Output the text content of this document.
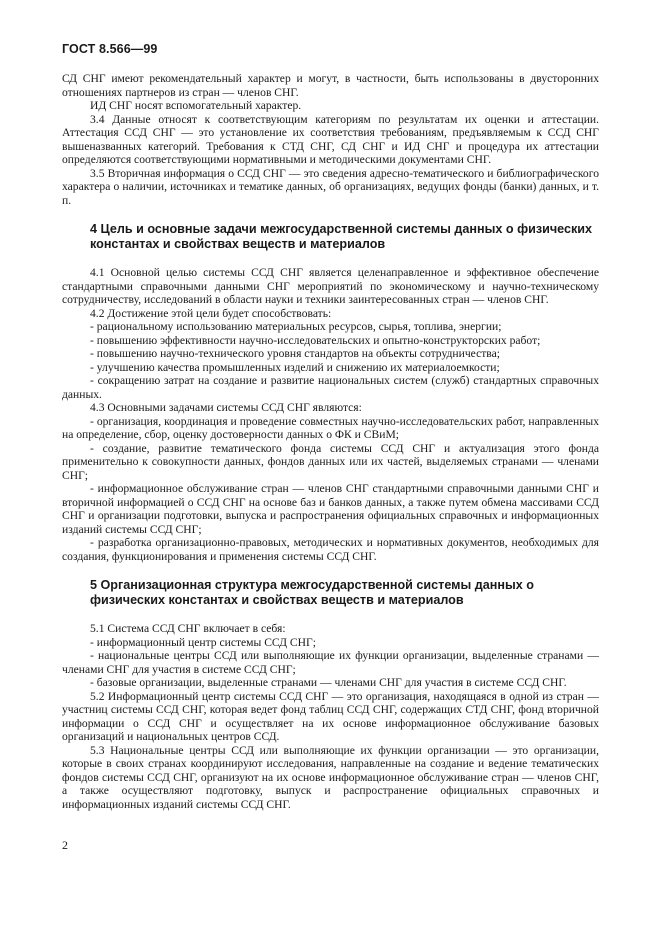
ГОСТ 8.566—99

СД СНГ имеют рекомендательный характер и могут, в частности, быть использованы в двусторонних отношениях партнеров из стран — членов СНГ.

ИД СНГ носят вспомогательный характер.

3.4 Данные относят к соответствующим категориям по результатам их оценки и аттестации. Аттестация ССД СНГ — это установление их соответствия требованиям, предъявляемым к ССД СНГ вышеназванных категорий. Требования к СТД СНГ, СД СНГ и ИД СНГ и процедура их аттестации определяются соответствующими нормативными и методическими документами СНГ.

3.5 Вторичная информация о ССД СНГ — это сведения адресно-тематического и библиографического характера о наличии, источниках и тематике данных, об организациях, ведущих фонды (банки) данных, и т. п.

4 Цель и основные задачи межгосударственной системы данных о физических константах и свойствах веществ и материалов

4.1 Основной целью системы ССД СНГ является целенаправленное и эффективное обеспечение стандартными справочными данными СНГ мероприятий по экономическому и научно-техническому сотрудничеству, исследований в области науки и техники заинтересованных стран — членов СНГ.

4.2 Достижение этой цели будет способствовать:

- рациональному использованию материальных ресурсов, сырья, топлива, энергии;

- повышению эффективности научно-исследовательских и опытно-конструкторских работ;

- повышению научно-технического уровня стандартов на объекты сотрудничества;

- улучшению качества промышленных изделий и снижению их материалоемкости;

- сокращению затрат на создание и развитие национальных систем (служб) стандартных справочных данных.

4.3 Основными задачами системы ССД СНГ являются:

- организация, координация и проведение совместных научно-исследовательских работ, направленных на определение, сбор, оценку достоверности данных о ФК и СВиМ;

- создание, развитие тематического фонда системы ССД СНГ и актуализация этого фонда применительно к совокупности данных, фондов данных или их частей, выделяемых странами — членами СНГ;

- информационное обслуживание стран — членов СНГ стандартными справочными данными СНГ и вторичной информацией о ССД СНГ на основе баз и банков данных, а также путем обмена массивами ССД СНГ и организации подготовки, выпуска и распространения официальных справочных и информационных изданий системы ССД СНГ;

- разработка организационно-правовых, методических и нормативных документов, необходимых для создания, функционирования и применения системы ССД СНГ.

5 Организационная структура межгосударственной системы данных о физических константах и свойствах веществ и материалов

5.1 Система ССД СНГ включает в себя:

- информационный центр системы ССД СНГ;

- национальные центры ССД или выполняющие их функции организации, выделенные странами — членами СНГ для участия в системе ССД СНГ;

- базовые организации, выделенные странами — членами СНГ для участия в системе ССД СНГ.

5.2 Информационный центр системы ССД СНГ — это организация, находящаяся в одной из стран — участниц системы ССД СНГ, которая ведет фонд таблиц ССД СНГ, содержащих СТД СНГ, фонд вторичной информации о ССД СНГ и осуществляет на их основе информационное обслуживание базовых организаций и национальных центров ССД.

5.3 Национальные центры ССД или выполняющие их функции организации — это организации, которые в своих странах координируют исследования, направленные на создание и ведение тематических фондов системы ССД СНГ, организуют на их основе информационное обслуживание стран — членов СНГ, а также осуществляют подготовку, выпуск и распространение официальных справочных и информационных изданий системы ССД СНГ.

2
